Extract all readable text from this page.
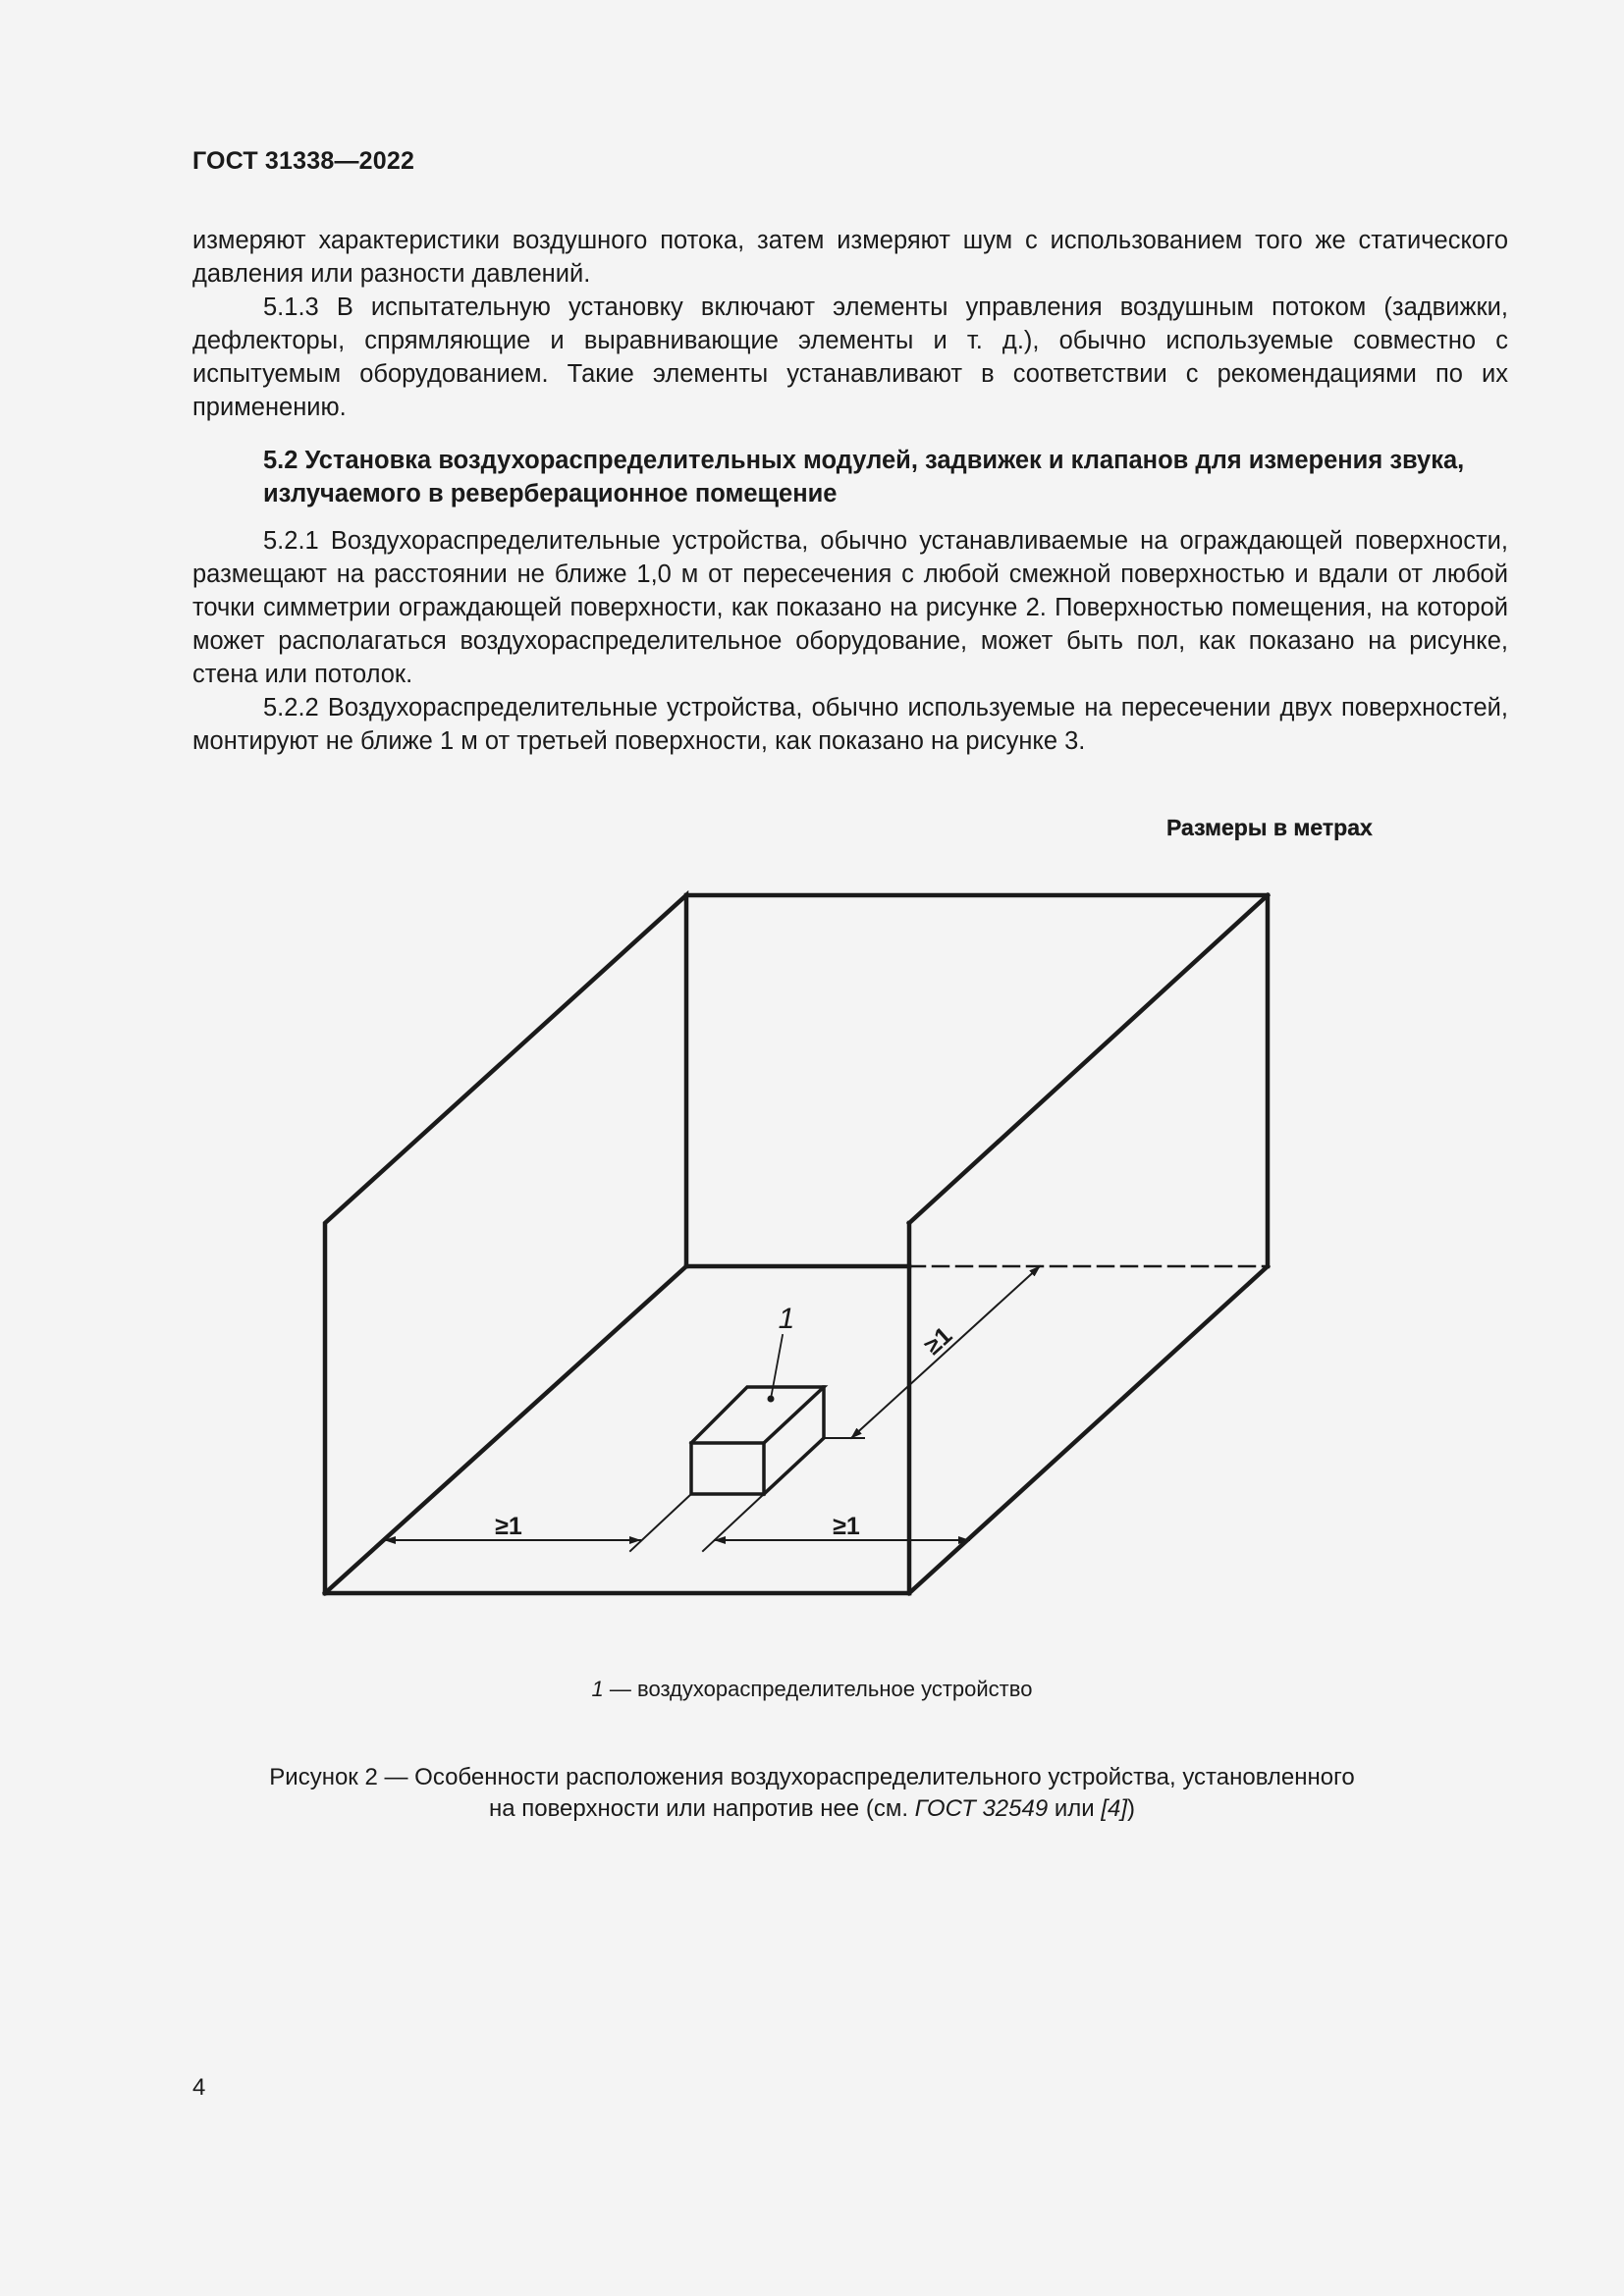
ГОСТ 31338—2022

измеряют характеристики воздушного потока, затем измеряют шум с использованием того же статического давления или разности давлений.

5.1.3 В испытательную установку включают элементы управления воздушным потоком (задвижки, дефлекторы, спрямляющие и выравнивающие элементы и т. д.), обычно используемые совместно с испытуемым оборудованием. Такие элементы устанавливают в соответствии с рекомендациями по их применению.

5.2 Установка воздухораспределительных модулей, задвижек и клапанов для измерения звука, излучаемого в реверберационное помещение

5.2.1 Воздухораспределительные устройства, обычно устанавливаемые на ограждающей поверхности, размещают на расстоянии не ближе 1,0 м от пересечения с любой смежной поверхностью и вдали от любой точки симметрии ограждающей поверхности, как показано на рисунке 2. Поверхностью помещения, на которой может располагаться воздухораспределительное оборудование, может быть пол, как показано на рисунке, стена или потолок.

5.2.2 Воздухораспределительные устройства, обычно используемые на пересечении двух поверхностей, монтируют не ближе 1 м от третьей поверхности, как показано на рисунке 3.

Размеры в метрах
1
≥1	≥1
≥1
1 — воздухораспределительное устройство
Рисунок 2 — Особенности расположения воздухораспределительного устройства, установленного
на поверхности или напротив нее (см. ГОСТ 32549 или [4])
4
